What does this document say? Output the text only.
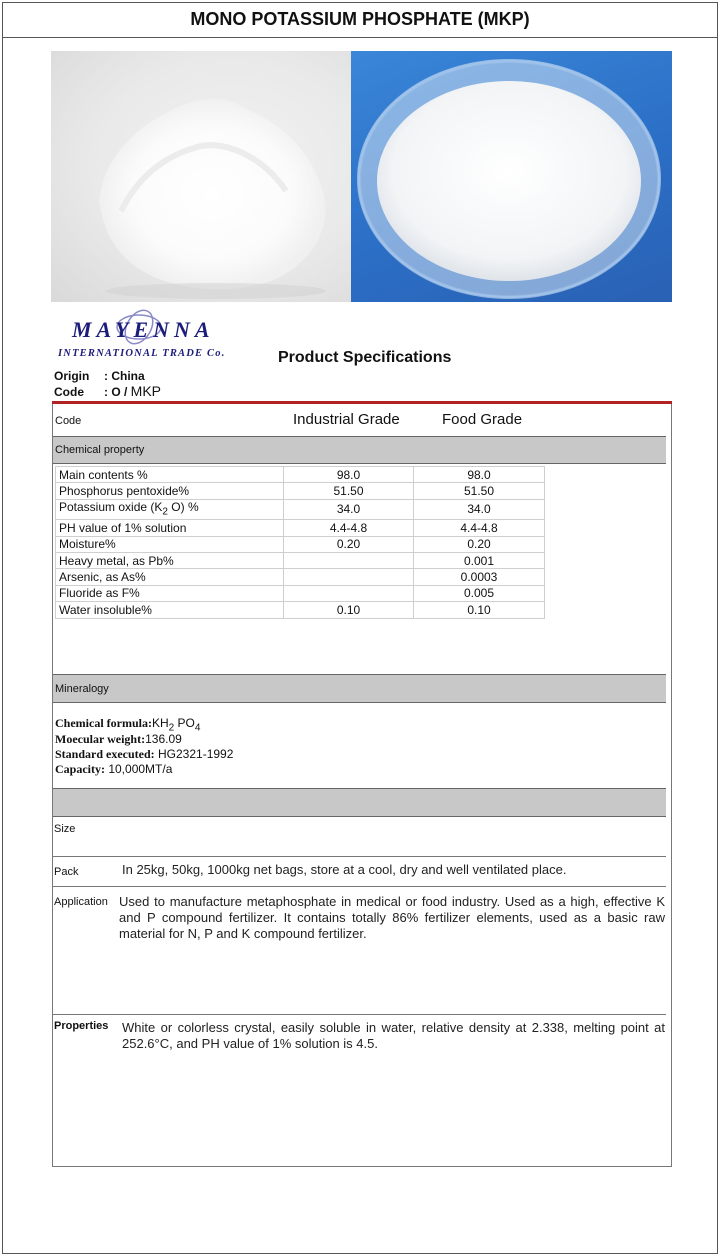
MONO POTASSIUM PHOSPHATE (MKP)
MAYENNA
INTERNATIONAL TRADE Co.	Product Specifications
Origin : China
Code : O / MKP
Code	Industrial Grade	Food Grade
Chemical property
Main contents %	98.0	98.0
Phosphorus pentoxide%	51.50	51.50
Potassium oxide ($K_2$ O) %	34.0	34.0
PH value of 1% solution	4.4-4.8	4.4-4.8
Moisture%	0.20	0.20
Heavy metal, as Pb%		0.001
Arsenic, as As%		0.0003
Fluoride as F%		0.005
Water insoluble%	0.10	0.10
Mineralogy
Chemical $formula:KH_2$ $PO_4$
Moecular weight:136.09
Standard executed: HG2321-1992
Capacity: 10,000MT/a
Size
Pack	In 25kg, 50kg, 1000kg net bags, store at a cool, dry and well ventilated place.
Application Used to manufacture metaphosphate in medical or food industry. Used as a high, effective K and P compound fertilizer. It contains totally 86% fertilizer elements, used as a basic raw material for N, P and K compound fertilizer.
Properties White or colorless crystal, easily soluble in water, relative density at 2.338, melting point at 252.6°C, and PH value of 1% solution is 4.5.
